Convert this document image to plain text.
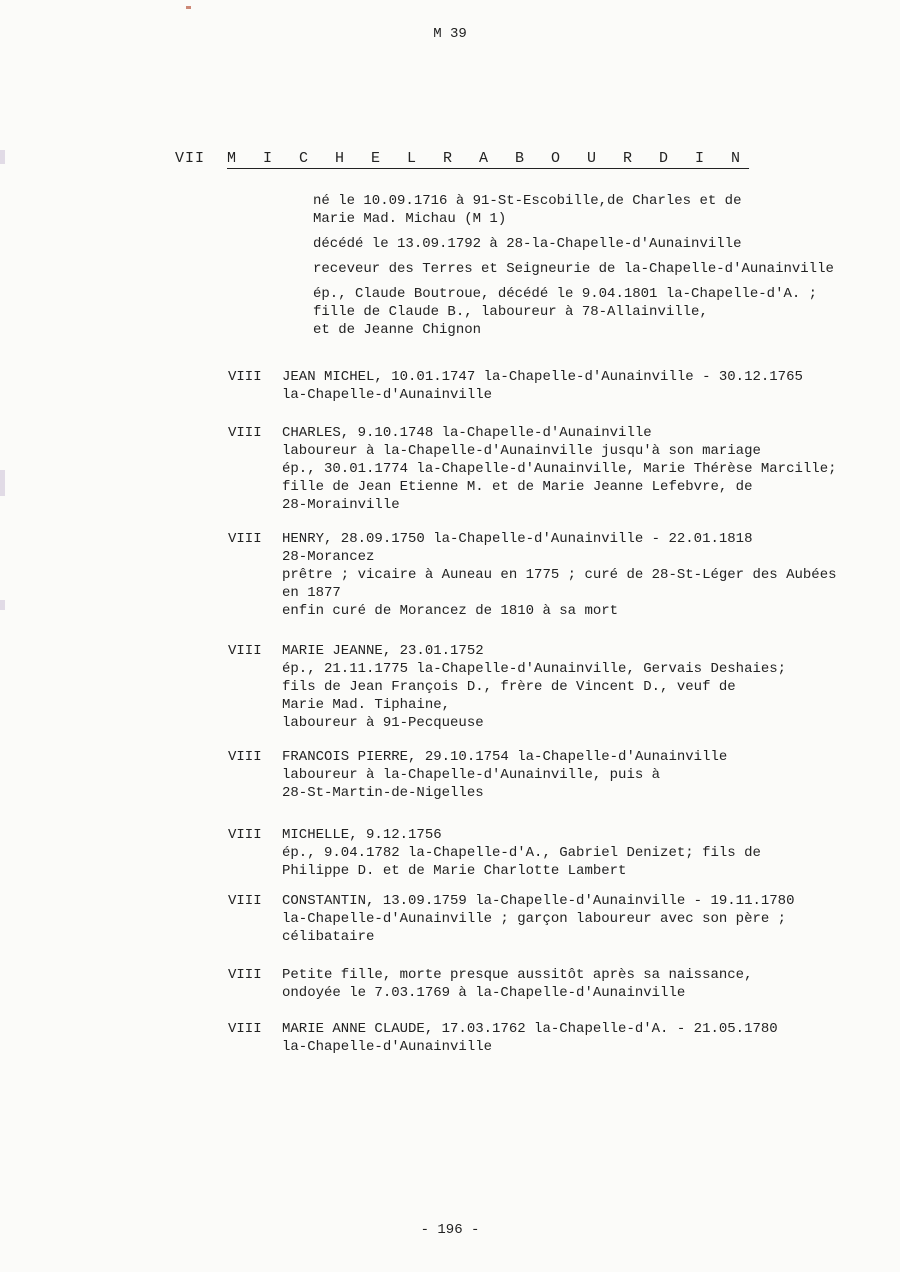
M 39
VII M I C H E L R A B O U R D I N

né le 10.09.1716 à 91-St-Escobille,de Charles et de
Marie Mad. Michau (M 1)

décédé le 13.09.1792 à 28-la-Chapelle-d'Aunainville

receveur des Terres et Seigneurie de la-Chapelle-d'Aunainville

ép., Claude Boutroue, décédé le 9.04.1801 la-Chapelle-d'A. ;
fille de Claude B., laboureur à 78-Allainville,
et de Jeanne Chignon

VIII	JEAN MICHEL, 10.01.1747 la-Chapelle-d'Aunainville - 30.12.1765
la-Chapelle-d'Aunainville
VIII	CHARLES, 9.10.1748 la-Chapelle-d'Aunainville
laboureur à la-Chapelle-d'Aunainville jusqu'à son mariage
ép., 30.01.1774 la-Chapelle-d'Aunainville, Marie Thérèse Marcille;
fille de Jean Etienne M. et de Marie Jeanne Lefebvre, de
28-Morainville
VIII	HENRY, 28.09.1750 la-Chapelle-d'Aunainville - 22.01.1818
28-Morancez
prêtre ; vicaire à Auneau en 1775 ; curé de 28-St-Léger des Aubées
en 1877
enfin curé de Morancez de 1810 à sa mort
VIII	MARIE JEANNE, 23.01.1752
ép., 21.11.1775 la-Chapelle-d'Aunainville, Gervais Deshaies;
fils de Jean François D., frère de Vincent D., veuf de
Marie Mad. Tiphaine,
laboureur à 91-Pecqueuse
VIII	FRANCOIS PIERRE, 29.10.1754 la-Chapelle-d'Aunainville
laboureur à la-Chapelle-d'Aunainville, puis à
28-St-Martin-de-Nigelles
VIII	MICHELLE, 9.12.1756
ép., 9.04.1782 la-Chapelle-d'A., Gabriel Denizet; fils de
Philippe D. et de Marie Charlotte Lambert
VIII	CONSTANTIN, 13.09.1759 la-Chapelle-d'Aunainville - 19.11.1780
la-Chapelle-d'Aunainville ; garçon laboureur avec son père ;
célibataire
VIII	Petite fille, morte presque aussitôt après sa naissance,
ondoyée le 7.03.1769 à la-Chapelle-d'Aunainville
VIII	MARIE ANNE CLAUDE, 17.03.1762 la-Chapelle-d'A. - 21.05.1780
la-Chapelle-d'Aunainville
- 196 -
